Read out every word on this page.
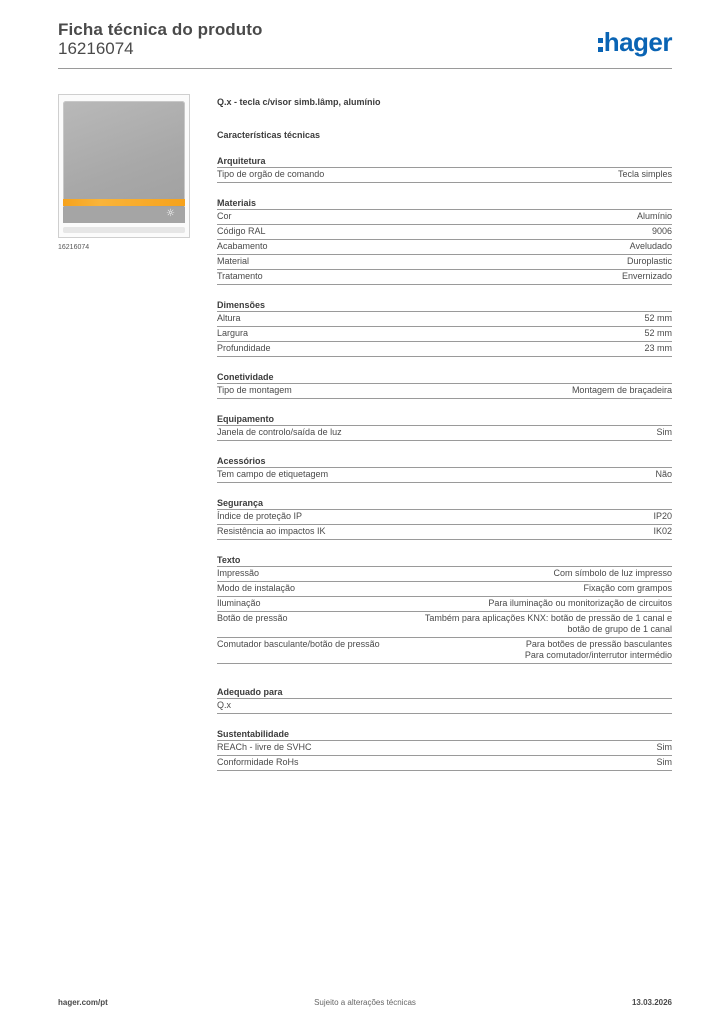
Ficha técnica do produto
16216074	hager
☼
16216074
Q.x - tecla c/visor simb.lâmp, alumínio
Características técnicas
Arquitetura
Tipo de orgão de comando	Tecla simples
Materiais
Cor	Alumínio
Código RAL	9006
Acabamento	Aveludado
Material	Duroplastic
Tratamento	Envernizado
Dimensões
Altura	52 mm
Largura	52 mm
Profundidade	23 mm
Conetividade
Tipo de montagem	Montagem de braçadeira
Equipamento
Janela de controlo/saída de luz	Sim
Acessórios
Tem campo de etiquetagem	Não
Segurança
Índice de proteção IP	IP20
Resistência ao impactos IK	IK02
Texto
Impressão	Com símbolo de luz impresso
Modo de instalação	Fixação com grampos
Iluminação	Para iluminação ou monitorização de circuitos
Botão de pressão	Também para aplicações KNX: botão de pressão de 1 canal e
botão de grupo de 1 canal
Comutador basculante/botão de pressão	Para botões de pressão basculantes
Para comutador/interrutor intermédio
Adequado para
Q.x
Sustentabilidade
REACh - livre de SVHC	Sim
Conformidade RoHs	Sim
hager.com/pt	Sujeito a alterações técnicas	13.03.2026
